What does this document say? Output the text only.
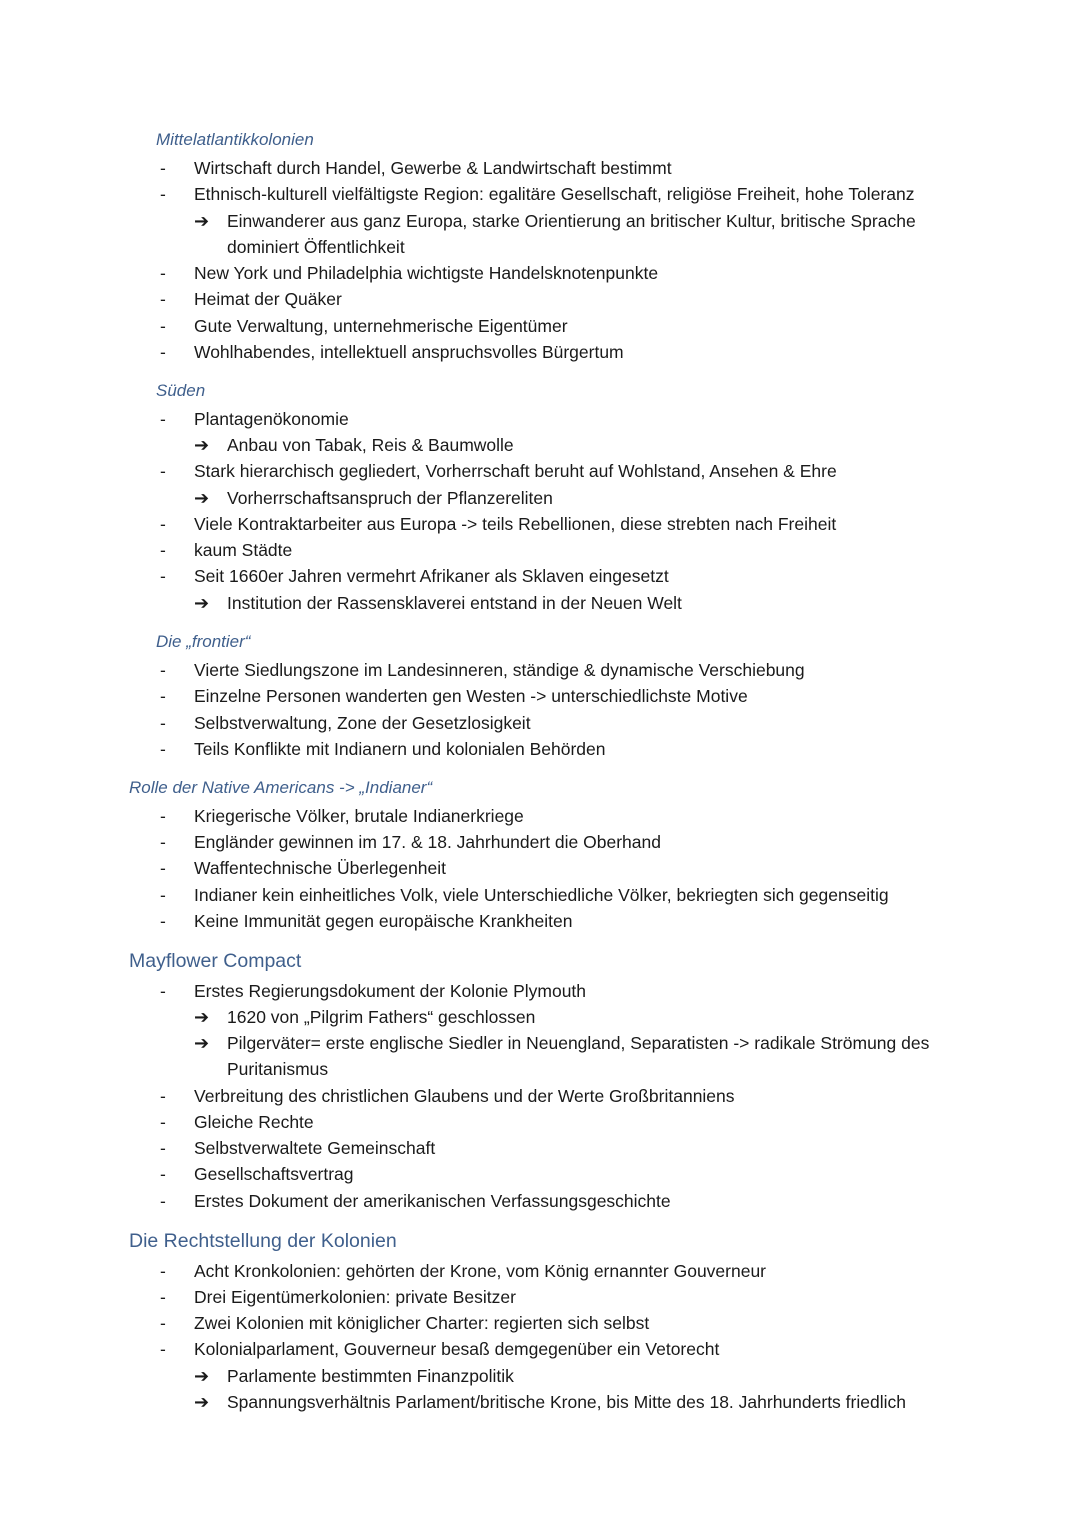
Mittelatlantikkolonien
- Wirtschaft durch Handel, Gewerbe & Landwirtschaft bestimmt
- Ethnisch-kulturell vielfältigste Region: egalitäre Gesellschaft, religiöse Freiheit, hohe Toleranz
➔ Einwanderer aus ganz Europa, starke Orientierung an britischer Kultur, britische Sprache
dominiert Öffentlichkeit
- New York und Philadelphia wichtigste Handelsknotenpunkte
- Heimat der Quäker
- Gute Verwaltung, unternehmerische Eigentümer
- Wohlhabendes, intellektuell anspruchsvolles Bürgertum
Süden
- Plantagenökonomie
➔ Anbau von Tabak, Reis & Baumwolle
- Stark hierarchisch gegliedert, Vorherrschaft beruht auf Wohlstand, Ansehen & Ehre
➔ Vorherrschaftsanspruch der Pflanzereliten
- Viele Kontraktarbeiter aus Europa -> teils Rebellionen, diese strebten nach Freiheit
- kaum Städte
- Seit 1660er Jahren vermehrt Afrikaner als Sklaven eingesetzt
➔ Institution der Rassensklaverei entstand in der Neuen Welt
Die „frontier“
- Vierte Siedlungszone im Landesinneren, ständige & dynamische Verschiebung
- Einzelne Personen wanderten gen Westen -> unterschiedlichste Motive
- Selbstverwaltung, Zone der Gesetzlosigkeit
- Teils Konflikte mit Indianern und kolonialen Behörden
Rolle der Native Americans -> „Indianer“
- Kriegerische Völker, brutale Indianerkriege
- Engländer gewinnen im 17. & 18. Jahrhundert die Oberhand
- Waffentechnische Überlegenheit
- Indianer kein einheitliches Volk, viele Unterschiedliche Völker, bekriegten sich gegenseitig
- Keine Immunität gegen europäische Krankheiten
Mayflower Compact
- Erstes Regierungsdokument der Kolonie Plymouth
➔ 1620 von „Pilgrim Fathers“ geschlossen
➔ Pilgerväter= erste englische Siedler in Neuengland, Separatisten -> radikale Strömung des
Puritanismus
- Verbreitung des christlichen Glaubens und der Werte Großbritanniens
- Gleiche Rechte
- Selbstverwaltete Gemeinschaft
- Gesellschaftsvertrag
- Erstes Dokument der amerikanischen Verfassungsgeschichte
Die Rechtstellung der Kolonien
- Acht Kronkolonien: gehörten der Krone, vom König ernannter Gouverneur
- Drei Eigentümerkolonien: private Besitzer
- Zwei Kolonien mit königlicher Charter: regierten sich selbst
- Kolonialparlament, Gouverneur besaß demgegenüber ein Vetorecht
➔ Parlamente bestimmten Finanzpolitik
➔ Spannungsverhältnis Parlament/britische Krone, bis Mitte des 18. Jahrhunderts friedlich
